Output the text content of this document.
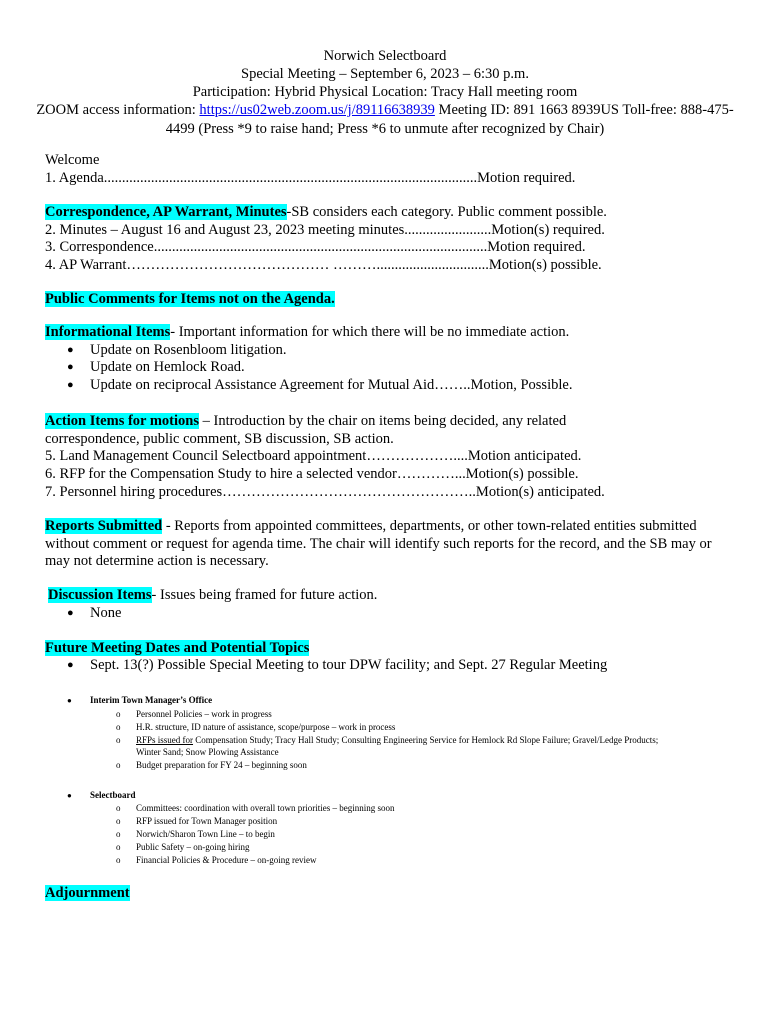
Norwich Selectboard
Special Meeting – September 6, 2023 – 6:30 p.m.
Participation: Hybrid Physical Location: Tracy Hall meeting room
ZOOM access information: https://us02web.zoom.us/j/89116638939 Meeting ID: 891 1663 8939US Toll-free: 888-475-4499 (Press *9 to raise hand; Press *6 to unmute after recognized by Chair)
Welcome
1. Agenda.......................................................................................................Motion required.
Correspondence, AP Warrant, Minutes-SB considers each category. Public comment possible.
2. Minutes – August 16 and August 23, 2023 meeting minutes........................Motion(s) required.
3. Correspondence............................................................................................Motion required.
4. AP Warrant…………………………………… ………...............................Motion(s) possible.
Public Comments for Items not on the Agenda.
Informational Items- Important information for which there will be no immediate action.
● Update on Rosenbloom litigation.
● Update on Hemlock Road.
● Update on reciprocal Assistance Agreement for Mutual Aid……..Motion, Possible.
Action Items for motions – Introduction by the chair on items being decided, any related
correspondence, public comment, SB discussion, SB action.
5. Land Management Council Selectboard appointment………………....Motion anticipated.
6. RFP for the Compensation Study to hire a selected vendor…………...Motion(s) possible.
7. Personnel hiring procedures……………………………………………..Motion(s) anticipated.
Reports Submitted - Reports from appointed committees, departments, or other town-related entities submitted without comment or request for agenda time. The chair will identify such reports for the record, and the SB may or may not determine action is necessary.
Discussion Items- Issues being framed for future action.
● None
Future Meeting Dates and Potential Topics
● Sept. 13(?) Possible Special Meeting to tour DPW facility; and Sept. 27 Regular Meeting
● Interim Town Manager’s Office
o Personnel Policies – work in progress
o H.R. structure, ID nature of assistance, scope/purpose – work in process
o RFPs issued for Compensation Study; Tracy Hall Study; Consulting Engineering Service for Hemlock Rd Slope Failure; Gravel/Ledge Products;
Winter Sand; Snow Plowing Assistance
o Budget preparation for FY 24 – beginning soon
● Selectboard
o Committees: coordination with overall town priorities – beginning soon
o RFP issued for Town Manager position
o Norwich/Sharon Town Line – to begin
o Public Safety – on-going hiring
o Financial Policies & Procedure – on-going review
Adjournment
